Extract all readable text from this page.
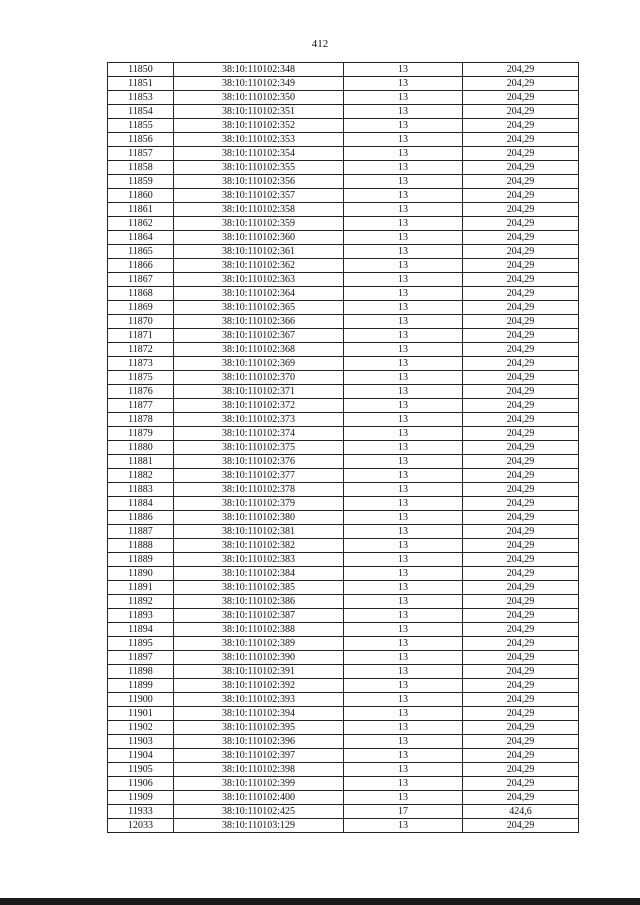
412
11850	38:10:110102:348	13	204,29
11851	38:10:110102:349	13	204,29
11853	38:10:110102:350	13	204,29
11854	38:10:110102:351	13	204,29
11855	38:10:110102:352	13	204,29
11856	38:10:110102:353	13	204,29
11857	38:10:110102:354	13	204,29
11858	38:10:110102:355	13	204,29
11859	38:10:110102:356	13	204,29
11860	38:10:110102:357	13	204,29
11861	38:10:110102:358	13	204,29
11862	38:10:110102:359	13	204,29
11864	38:10:110102:360	13	204,29
11865	38:10:110102:361	13	204,29
11866	38:10:110102:362	13	204,29
11867	38:10:110102:363	13	204,29
11868	38:10:110102:364	13	204,29
11869	38:10:110102:365	13	204,29
11870	38:10:110102:366	13	204,29
11871	38:10:110102:367	13	204,29
11872	38:10:110102:368	13	204,29
11873	38:10:110102:369	13	204,29
11875	38:10:110102:370	13	204,29
11876	38:10:110102:371	13	204,29
11877	38:10:110102:372	13	204,29
11878	38:10:110102:373	13	204,29
11879	38:10:110102:374	13	204,29
11880	38:10:110102:375	13	204,29
11881	38:10:110102:376	13	204,29
11882	38:10:110102:377	13	204,29
11883	38:10:110102:378	13	204,29
11884	38:10:110102:379	13	204,29
11886	38:10:110102:380	13	204,29
11887	38:10:110102:381	13	204,29
11888	38:10:110102:382	13	204,29
11889	38:10:110102:383	13	204,29
11890	38:10:110102:384	13	204,29
11891	38:10:110102:385	13	204,29
11892	38:10:110102:386	13	204,29
11893	38:10:110102:387	13	204,29
11894	38:10:110102:388	13	204,29
11895	38:10:110102:389	13	204,29
11897	38:10:110102:390	13	204,29
11898	38:10:110102:391	13	204,29
11899	38:10:110102:392	13	204,29
11900	38:10:110102:393	13	204,29
11901	38:10:110102:394	13	204,29
11902	38:10:110102:395	13	204,29
11903	38:10:110102:396	13	204,29
11904	38:10:110102:397	13	204,29
11905	38:10:110102:398	13	204,29
11906	38:10:110102:399	13	204,29
11909	38:10:110102:400	13	204,29
11933	38:10:110102:425	17	424,6
12033	38:10:110103:129	13	204,29
